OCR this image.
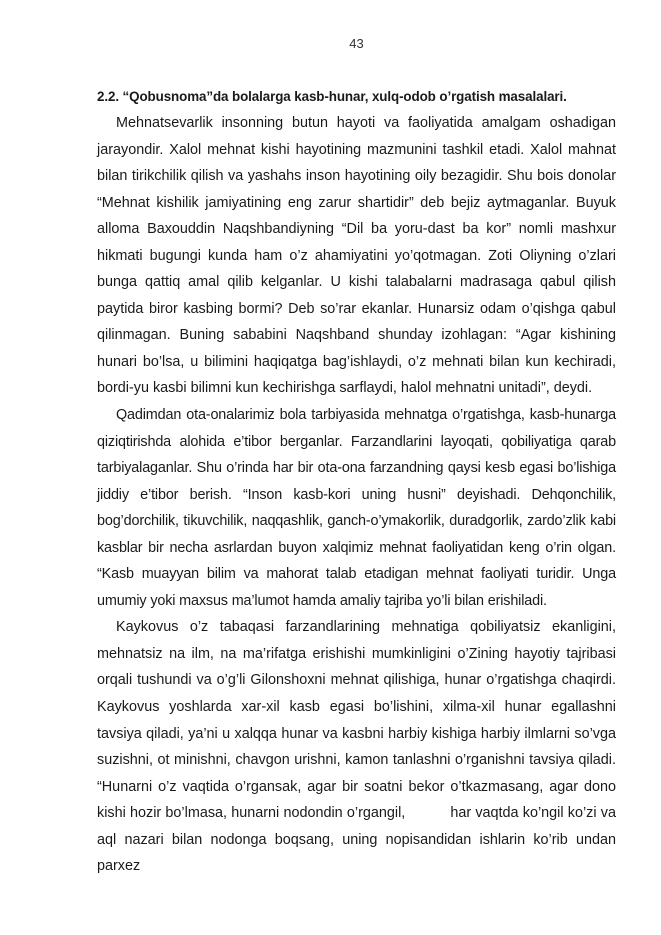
43

2.2. “Qobusnoma”da bolalarga kasb-hunar, xulq-odob o’rgatish masalalari.

Mehnatsevarlik insonning butun hayoti va faoliyatida amalgam oshadigan jarayondir. Xalol mehnat kishi hayotining mazmunini tashkil etadi. Xalol mahnat bilan tirikchilik qilish va yashahs inson hayotining oily bezagidir. Shu bois donolar “Mehnat kishilik jamiyatining eng zarur shartidir” deb bejiz aytmaganlar. Buyuk alloma Baxouddin Naqshbandiyning “Dil ba yoru-dast ba kor” nomli mashxur hikmati bugungi kunda ham o’z ahamiyatini yo’qotmagan. Zoti Oliyning o’zlari bunga qattiq amal qilib kelganlar. U kishi talabalarni madrasaga qabul qilish paytida biror kasbing bormi? Deb so’rar ekanlar. Hunarsiz odam o’qishga qabul qilinmagan. Buning sababini Naqshband shunday izohlagan: “Agar kishining hunari bo’lsa, u bilimini haqiqatga bag’ishlaydi, o’z mehnati bilan kun kechiradi, bordi-yu kasbi bilimni kun kechirishga sarflaydi, halol mehnatni unitadi”, deydi.

Qadimdan ota-onalarimiz bola tarbiyasida mehnatga o’rgatishga, kasb-hunarga qiziqtirishda alohida e’tibor berganlar. Farzandlarini layoqati, qobiliyatiga qarab tarbiyalaganlar. Shu o’rinda har bir ota-ona farzandning qaysi kesb egasi bo’lishiga jiddiy e’tibor berish. “Inson kasb-kori uning husni” deyishadi. Dehqonchilik, bog’dorchilik, tikuvchilik, naqqashlik, ganch-o’ymakorlik, duradgorlik, zardo’zlik kabi kasblar bir necha asrlardan buyon xalqimiz mehnat faoliyatidan keng o’rin olgan. “Kasb muayyan bilim va mahorat talab etadigan mehnat faoliyati turidir. Unga umumiy yoki maxsus ma’lumot hamda amaliy tajriba yo’li bilan erishiladi.

Kaykovus o’z tabaqasi farzandlarining mehnatiga qobiliyatsiz ekanligini, mehnatsiz na ilm, na ma’rifatga erishishi mumkinligini o’Zining hayotiy tajribasi orqali tushundi va o’g’li Gilonshoxni mehnat qilishiga, hunar o’rgatishga chaqirdi. Kaykovus yoshlarda xar-xil kasb egasi bo’lishini, xilma-xil hunar egallashni tavsiya qiladi, ya’ni u xalqqa hunar va kasbni harbiy kishiga harbiy ilmlarni so’vga suzishni, ot minishni, chavgon urishni, kamon tanlashni o’rganishni tavsiya qiladi. “Hunarni o’z vaqtida o’rgansak, agar bir soatni bekor o’tkazmasang, agar dono kishi hozir bo’lmasa, hunarni nodondin o’rgangil,	har vaqtda ko’ngil ko’zi va aql nazari bilan nodonga boqsang, uning nopisandidan ishlarin ko’rib undan parxez
